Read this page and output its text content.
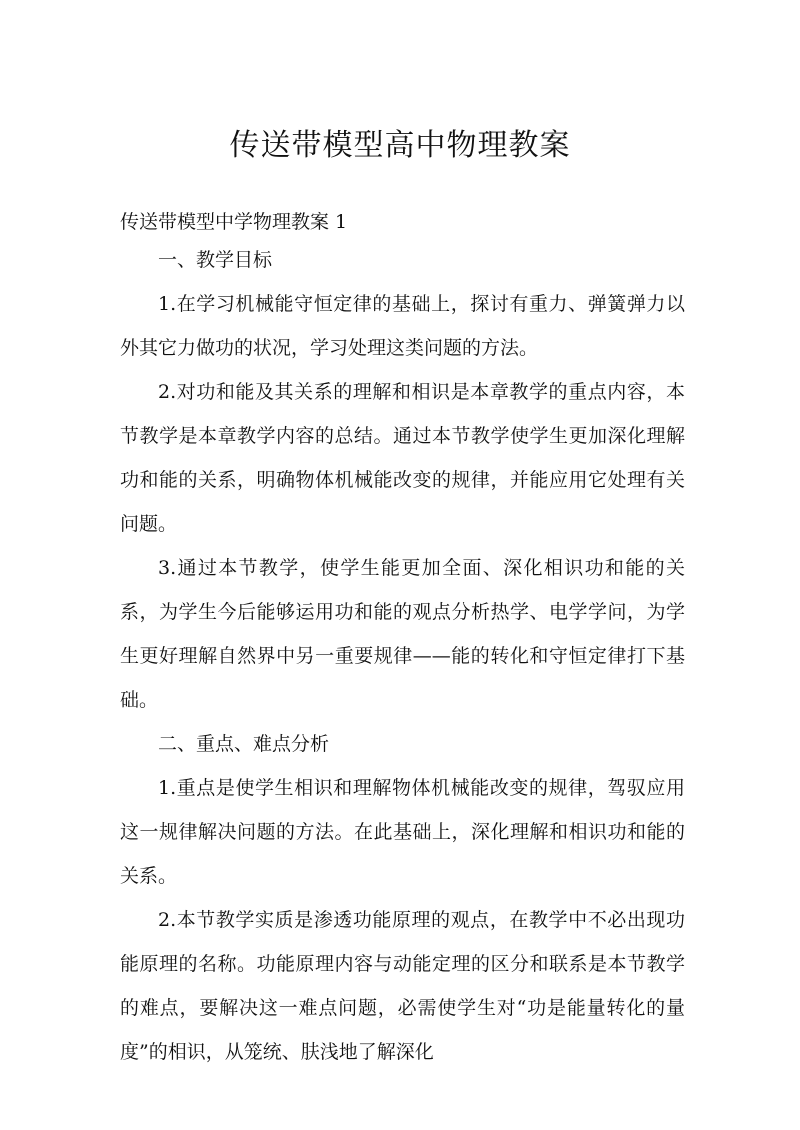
传送带模型高中物理教案

传送带模型中学物理教案 1

一、教学目标

1.在学习机械能守恒定律的基础上，探讨有重力、弹簧弹力以外其它力做功的状况，学习处理这类问题的方法。

2.对功和能及其关系的理解和相识是本章教学的重点内容，本节教学是本章教学内容的总结。通过本节教学使学生更加深化理解功和能的关系，明确物体机械能改变的规律，并能应用它处理有关问题。

3.通过本节教学，使学生能更加全面、深化相识功和能的关系，为学生今后能够运用功和能的观点分析热学、电学学问，为学生更好理解自然界中另一重要规律——能的转化和守恒定律打下基础。

二、重点、难点分析

1.重点是使学生相识和理解物体机械能改变的规律，驾驭应用这一规律解决问题的方法。在此基础上，深化理解和相识功和能的关系。

2.本节教学实质是渗透功能原理的观点，在教学中不必出现功能原理的名称。功能原理内容与动能定理的区分和联系是本节教学的难点，要解决这一难点问题，必需使学生对“功是能量转化的量度”的相识，从笼统、肤浅地了解深化
